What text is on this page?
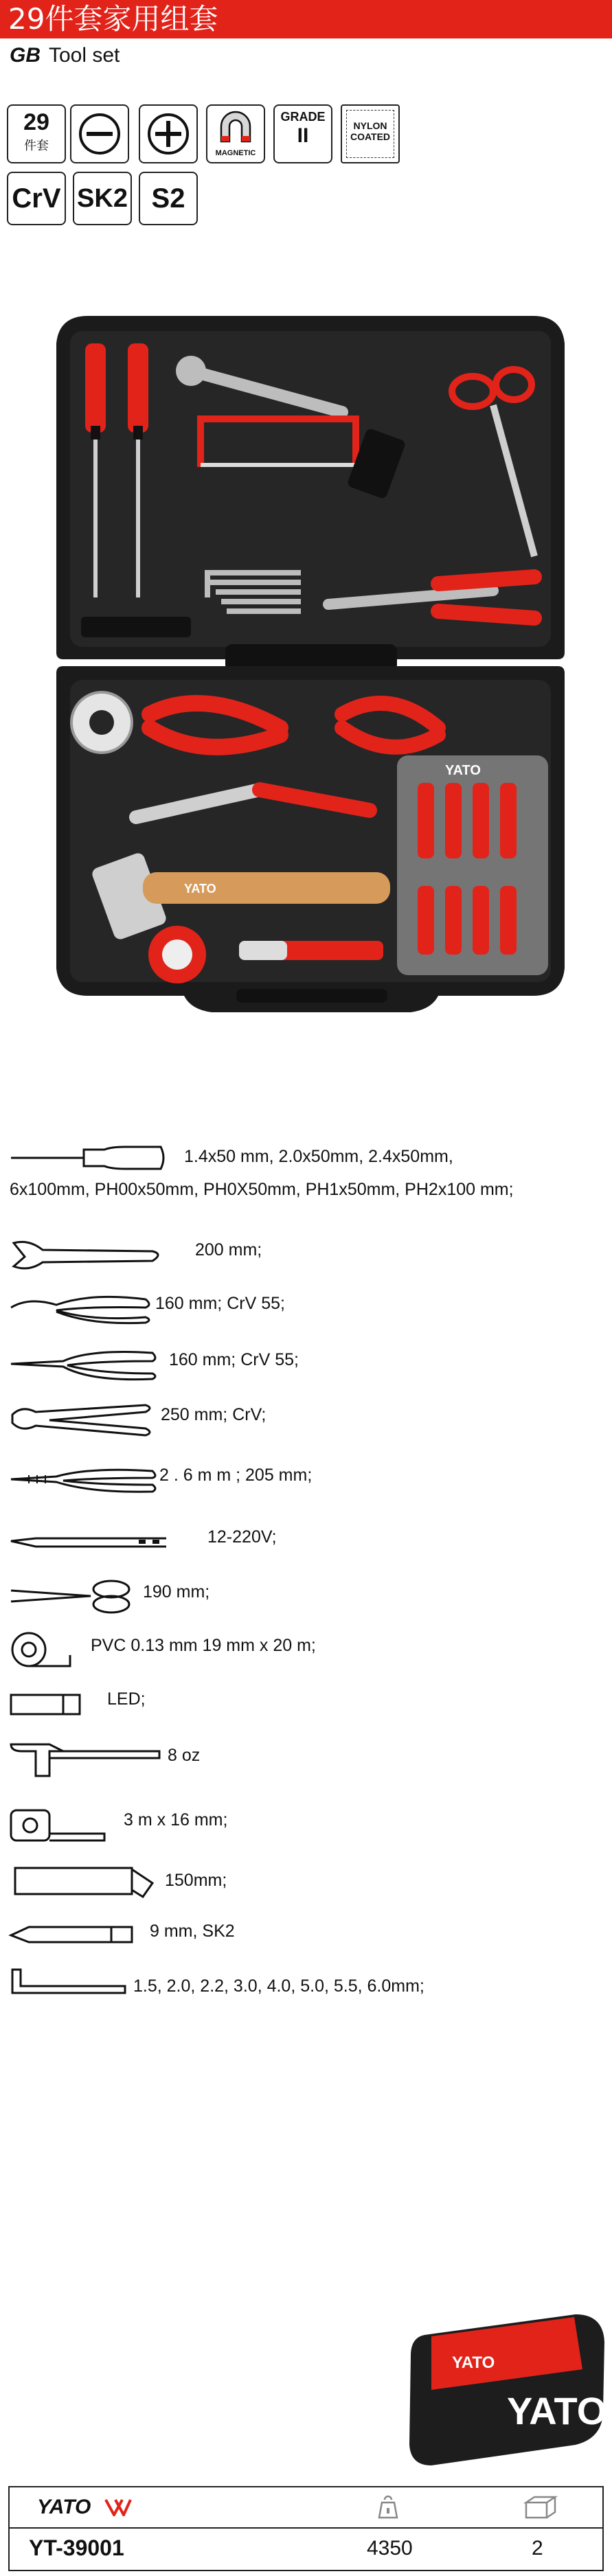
29件套家用组套
GB Tool set
29
件套
MAGNETIC
GRADE
II	NYLON
COATED
CrV SK2 S2
YATO
YATO
1.4x50 mm, 2.0x50mm, 2.4x50mm,
6x100mm, PH00x50mm, PH0X50mm, PH1x50mm, PH2x100 mm;
200 mm;
160 mm; CrV 55;
160 mm; CrV 55;
250 mm; CrV;
2 . 6 m m ; 205 mm;
12-220V;
190 mm;
PVC 0.13 mm 19 mm x 20 m;
LED;
8 oz
3 m x 16 mm;
150mm;
9 mm, SK2
1.5, 2.0, 2.2, 3.0, 4.0, 5.0, 5.5, 6.0mm;
YATO
YATO
YATO
YT-39001	4350	2
